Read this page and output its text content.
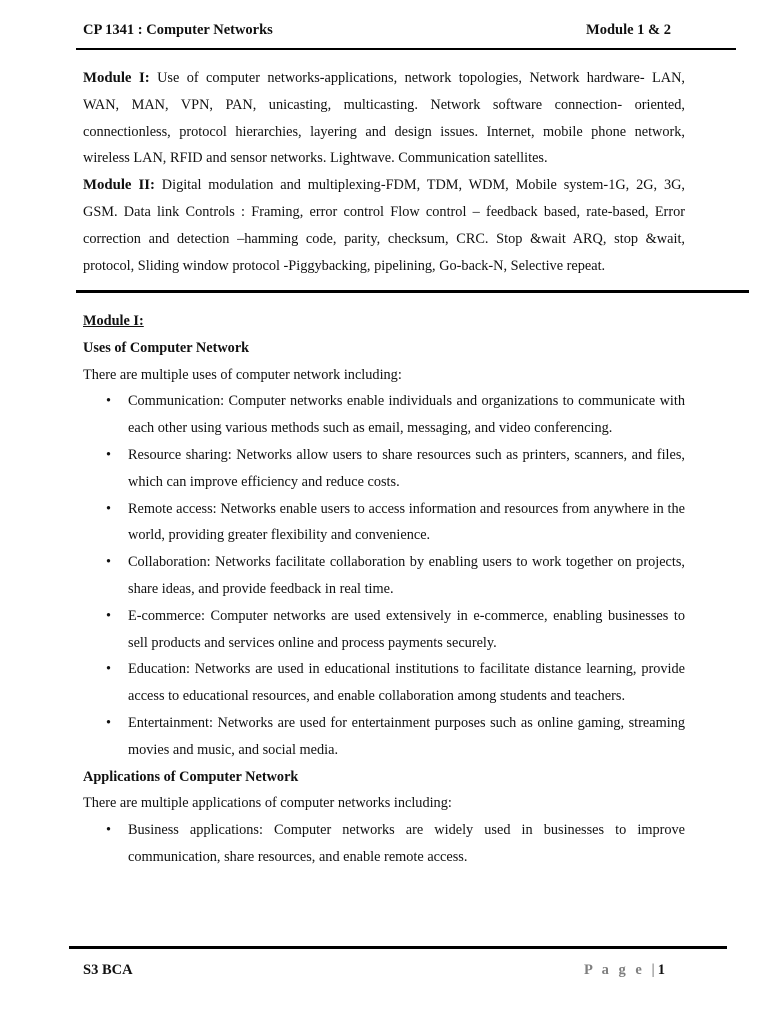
CP 1341 : Computer Networks	Module 1 & 2
Module I: Use of computer networks-applications, network topologies, Network hardware- LAN, WAN, MAN, VPN, PAN, unicasting, multicasting. Network software connection- oriented, connectionless, protocol hierarchies, layering and design issues. Internet, mobile phone network, wireless LAN, RFID and sensor networks. Lightwave. Communication satellites.
Module II: Digital modulation and multiplexing-FDM, TDM, WDM, Mobile system-1G, 2G, 3G, GSM. Data link Controls : Framing, error control Flow control – feedback based, rate-based, Error correction and detection –hamming code, parity, checksum, CRC. Stop &wait ARQ, stop &wait, protocol, Sliding window protocol -Piggybacking, pipelining, Go-back-N, Selective repeat.

Module I:

Uses of Computer Network

There are multiple uses of computer network including:

• Communication: Computer networks enable individuals and organizations to communicate with each other using various methods such as email, messaging, and video conferencing.
• Resource sharing: Networks allow users to share resources such as printers, scanners, and files, which can improve efficiency and reduce costs.
• Remote access: Networks enable users to access information and resources from anywhere in the world, providing greater flexibility and convenience.
• Collaboration: Networks facilitate collaboration by enabling users to work together on projects, share ideas, and provide feedback in real time.
• E-commerce: Computer networks are used extensively in e-commerce, enabling businesses to sell products and services online and process payments securely.
• Education: Networks are used in educational institutions to facilitate distance learning, provide access to educational resources, and enable collaboration among students and teachers.
• Entertainment: Networks are used for entertainment purposes such as online gaming, streaming movies and music, and social media.

Applications of Computer Network

There are multiple applications of computer networks including:

• Business applications: Computer networks are widely used in businesses to improve communication, share resources, and enable remote access.
S3 BCA	P a g e |1
